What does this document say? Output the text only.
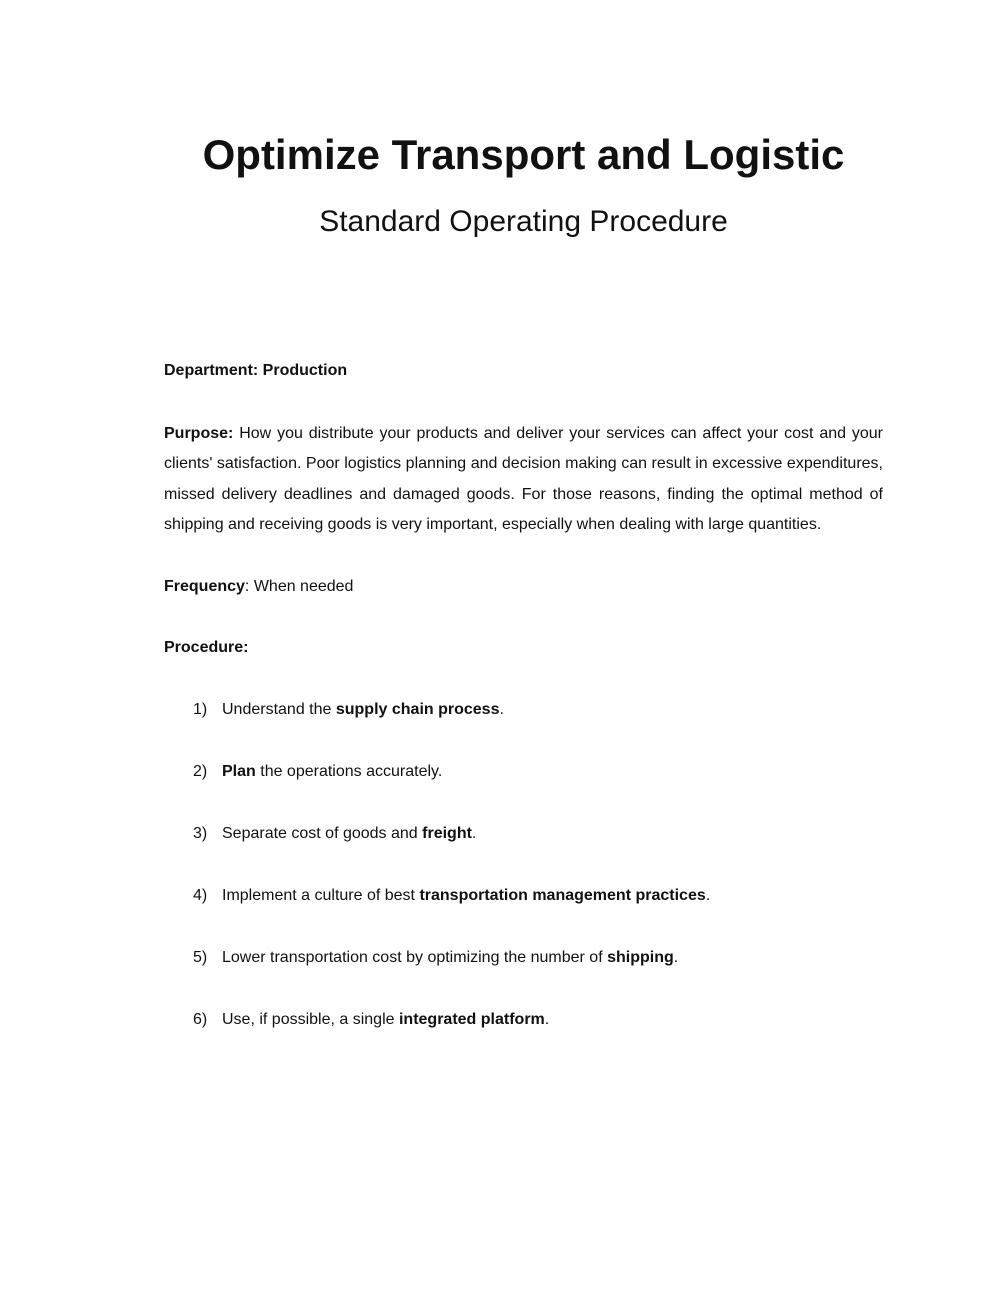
Optimize Transport and Logistic
Standard Operating Procedure

Department: Production

Purpose: How you distribute your products and deliver your services can affect your cost and your clients' satisfaction. Poor logistics planning and decision making can result in excessive expenditures, missed delivery deadlines and damaged goods. For those reasons, finding the optimal method of shipping and receiving goods is very important, especially when dealing with large quantities.

Frequency: When needed

Procedure:

1) Understand the supply chain process.
2) Plan the operations accurately.
3) Separate cost of goods and freight.
4) Implement a culture of best transportation management practices.
5) Lower transportation cost by optimizing the number of shipping.
6) Use, if possible, a single integrated platform.
